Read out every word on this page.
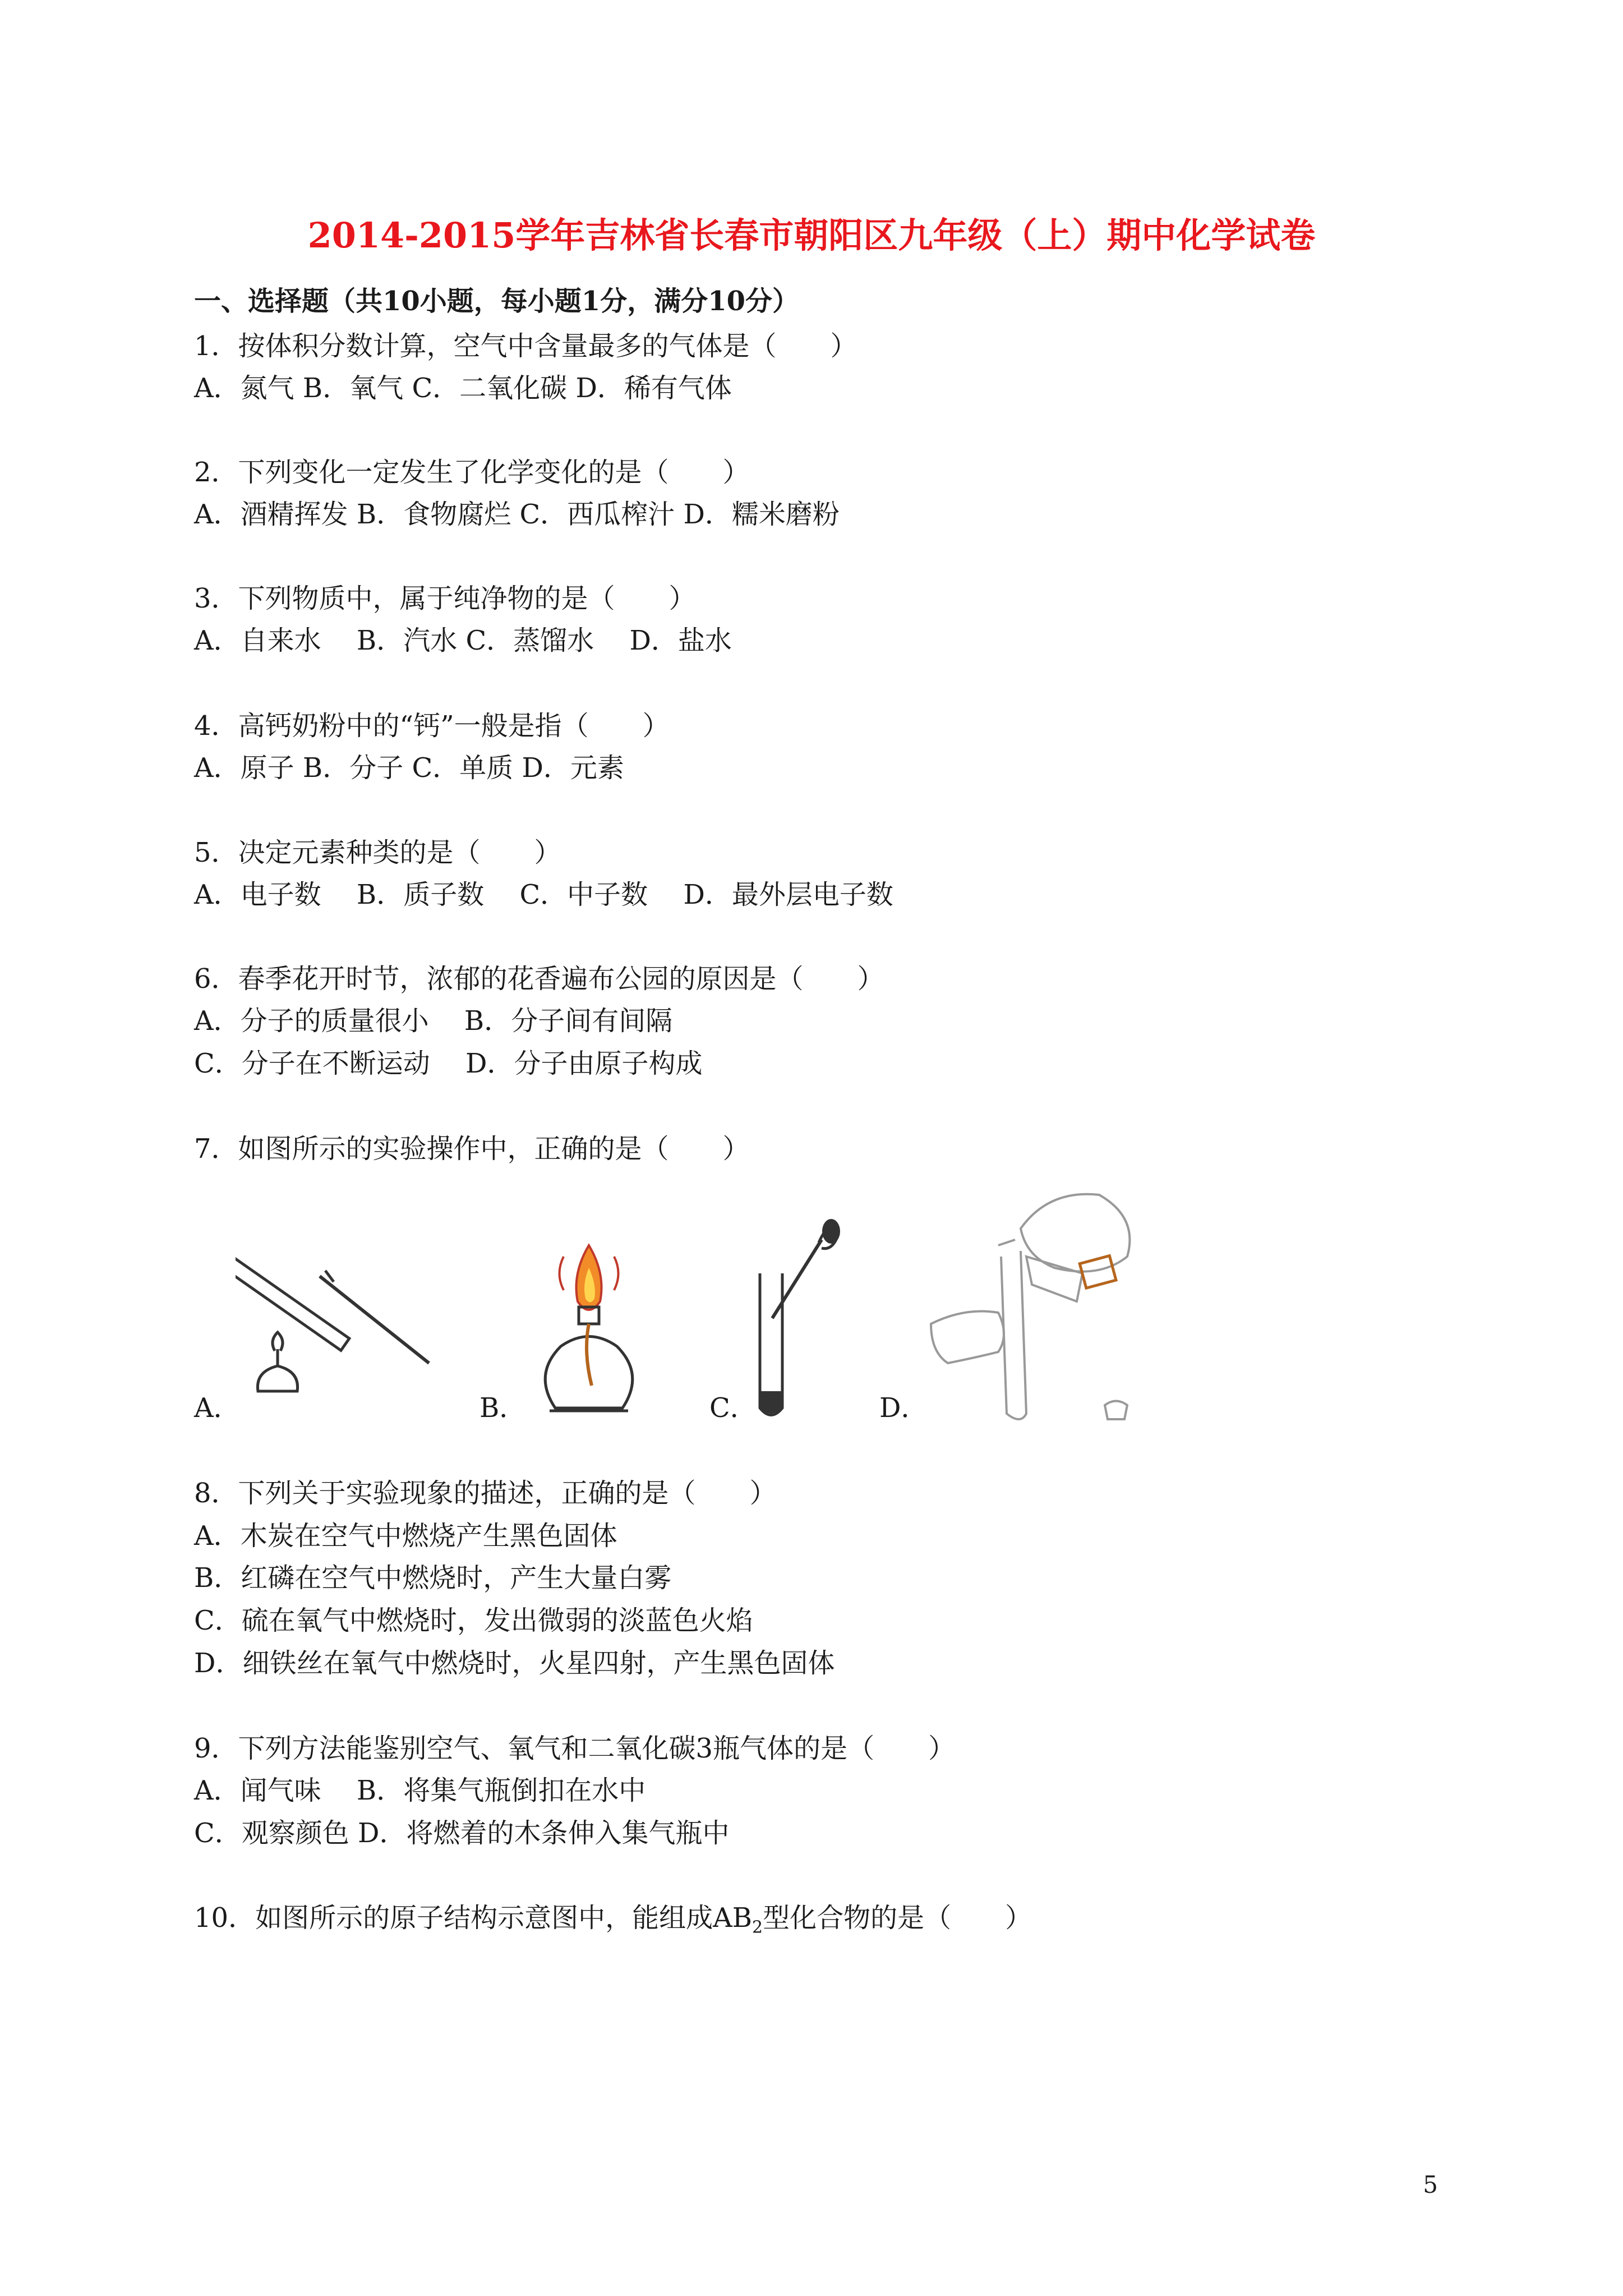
2014-2015学年吉林省长春市朝阳区九年级（上）期中化学试卷
一、选择题（共10小题，每小题1分，满分10分）
1．按体积分数计算，空气中含量最多的气体是（　　）
A．氮气 B．氧气 C．二氧化碳 D．稀有气体
2．下列变化一定发生了化学变化的是（　　）
A．酒精挥发 B．食物腐烂 C．西瓜榨汁 D．糯米磨粉
3．下列物质中，属于纯净物的是（　　）
A．自来水　 B．汽水 C．蒸馏水　 D．盐水
4．高钙奶粉中的“钙”一般是指（　　）
A．原子 B．分子 C．单质 D．元素
5．决定元素种类的是（　　）
A．电子数　 B．质子数　 C．中子数　 D．最外层电子数
6．春季花开时节，浓郁的花香遍布公园的原因是（　　）
A．分子的质量很小　 B．分子间有间隔
C．分子在不断运动　 D．分子由原子构成
7．如图所示的实验操作中，正确的是（　　）
A．	B．	C．	D．
8．下列关于实验现象的描述，正确的是（　　）
A．木炭在空气中燃烧产生黑色固体
B．红磷在空气中燃烧时，产生大量白雾
C．硫在氧气中燃烧时，发出微弱的淡蓝色火焰
D．细铁丝在氧气中燃烧时，火星四射，产生黑色固体
9．下列方法能鉴别空气、氧气和二氧化碳3瓶气体的是（　　）
A．闻气味　 B．将集气瓶倒扣在水中
C．观察颜色 D．将燃着的木条伸入集气瓶中
10．如图所示的原子结构示意图中，能组成$AB_2$型化合物的是（　　）
5
